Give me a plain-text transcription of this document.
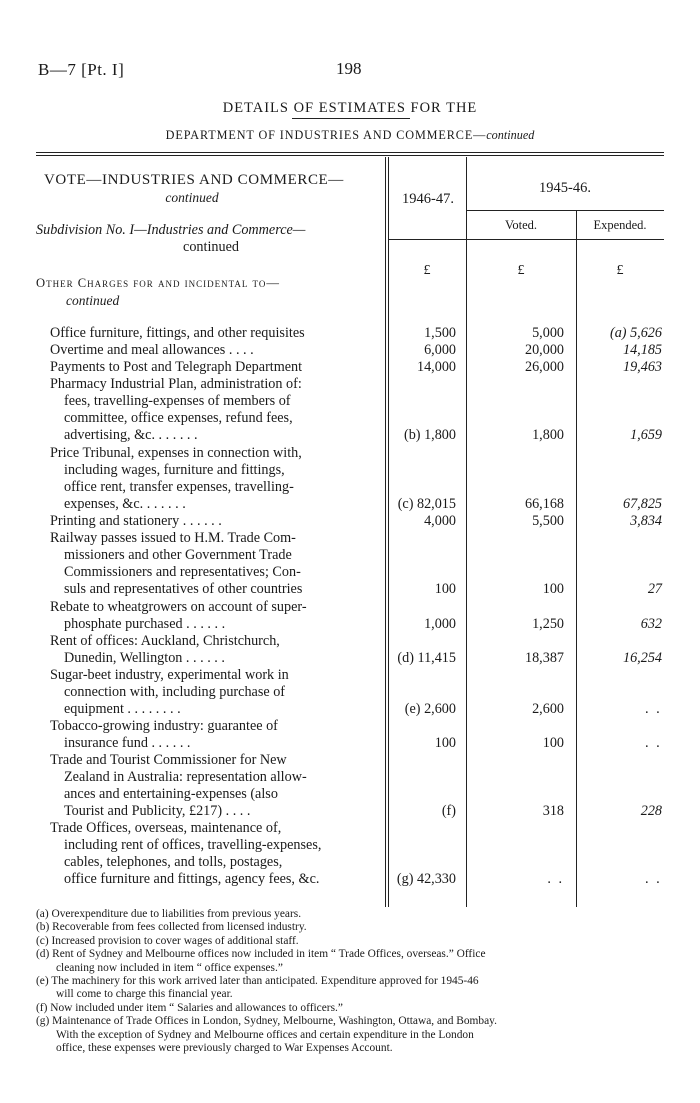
B—7 [Pt. I]	198
DETAILS OF ESTIMATES FOR THE
DEPARTMENT OF INDUSTRIES AND COMMERCE—continued
VOTE—INDUSTRIES AND COMMERCE—
continued
Subdivision No. I—Industries and Commerce—
continued
Other Charges for and incidental to—
continued
1946-47.
1945-46.
Voted.	Expended.
£	£	£
Office furniture, fittings, and other requisites	1,500	5,000	(a) 5,626
Overtime and meal allowances . . . .	6,000	20,000	14,185
Payments to Post and Telegraph Department	14,000	26,000	19,463
Pharmacy Industrial Plan, administration of:
fees, travelling-expenses of members of
committee, office expenses, refund fees,
advertising, &c. . . . . . .	(b) 1,800	1,800	1,659
Price Tribunal, expenses in connection with,
including wages, furniture and fittings,
office rent, transfer expenses, travelling-
expenses, &c. . . . . . .	(c) 82,015	66,168	67,825
Printing and stationery . . . . . .	4,000	5,500	3,834
Railway passes issued to H.M. Trade Com-
missioners and other Government Trade
Commissioners and representatives; Con-
suls and representatives of other countries	100	100	27
Rebate to wheatgrowers on account of super-
phosphate purchased . . . . . .	1,000	1,250	632
Rent of offices: Auckland, Christchurch,
Dunedin, Wellington . . . . . .	(d) 11,415	18,387	16,254
Sugar-beet industry, experimental work in
connection with, including purchase of
equipment . . . . . . . .	(e) 2,600	2,600	. .
Tobacco-growing industry: guarantee of
insurance fund . . . . . .	100	100	. .
Trade and Tourist Commissioner for New
Zealand in Australia: representation allow-
ances and entertaining-expenses (also
Tourist and Publicity, £217) . . . .	(f)	318	228
Trade Offices, overseas, maintenance of,
including rent of offices, travelling-expenses,
cables, telephones, and tolls, postages,
office furniture and fittings, agency fees, &c.	(g) 42,330	. .	. .
(a) Overexpenditure due to liabilities from previous years.
(b) Recoverable from fees collected from licensed industry.
(c) Increased provision to cover wages of additional staff.
(d) Rent of Sydney and Melbourne offices now included in item “ Trade Offices, overseas.” Office
cleaning now included in item “ office expenses.”
(e) The machinery for this work arrived later than anticipated. Expenditure approved for 1945-46
will come to charge this financial year.
(f) Now included under item “ Salaries and allowances to officers.”
(g) Maintenance of Trade Offices in London, Sydney, Melbourne, Washington, Ottawa, and Bombay.
With the exception of Sydney and Melbourne offices and certain expenditure in the London
office, these expenses were previously charged to War Expenses Account.
